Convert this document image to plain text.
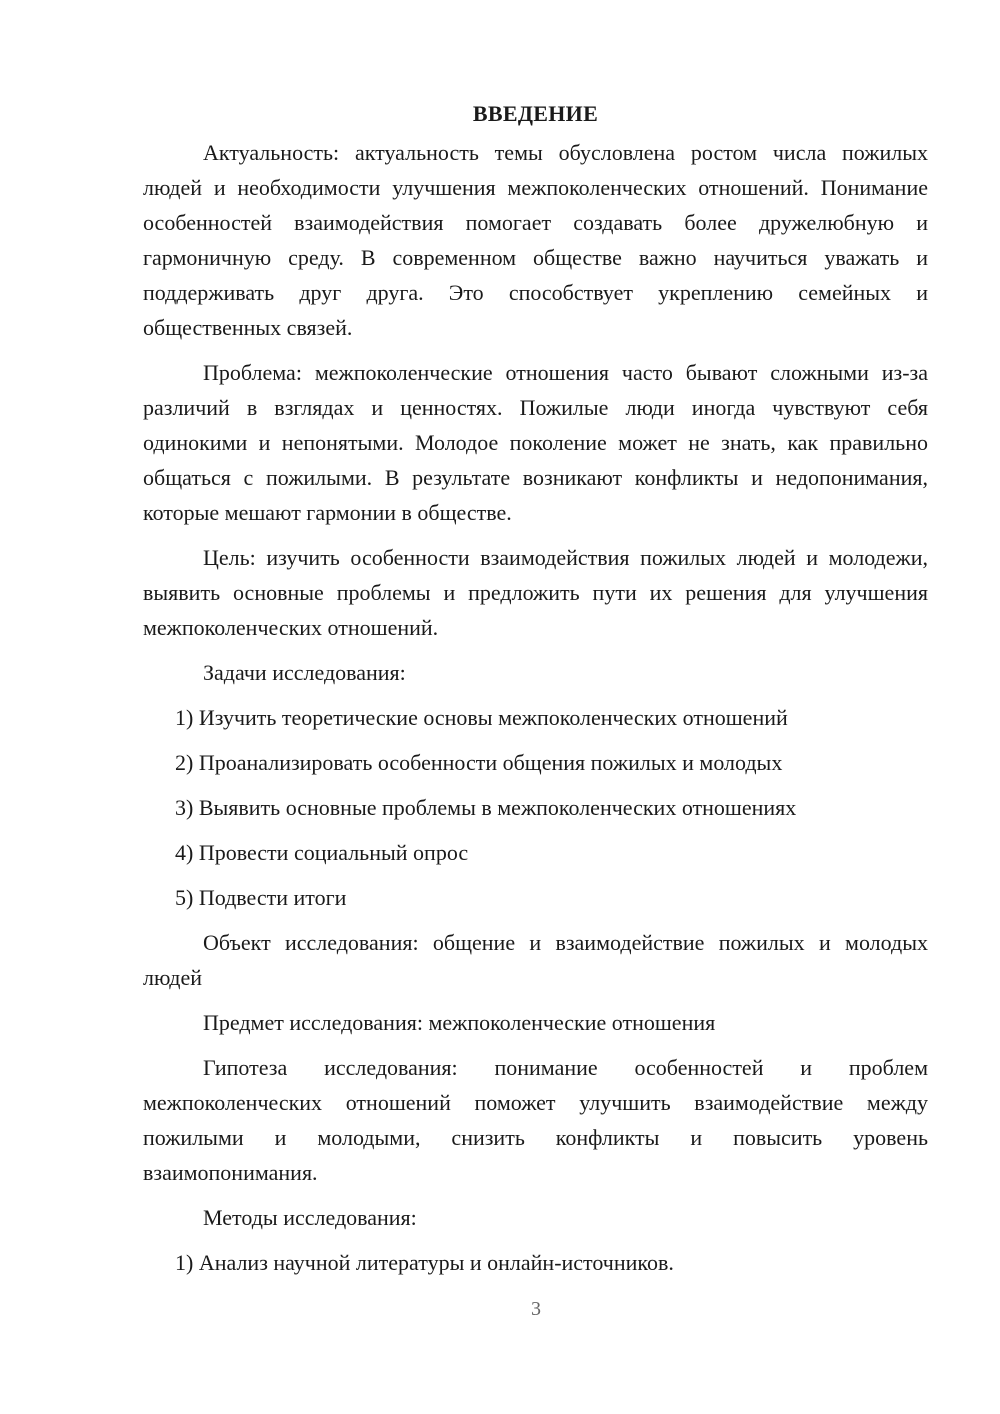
ВВЕДЕНИЕ

Актуальность: актуальность темы обусловлена ростом числа пожилых людей и необходимости улучшения межпоколенческих отношений. Понимание особенностей взаимодействия помогает создавать более дружелюбную и гармоничную среду. В современном обществе важно научиться уважать и поддерживать друг друга. Это способствует укреплению семейных и общественных связей.

Проблема: межпоколенческие отношения часто бывают сложными из-за различий в взглядах и ценностях. Пожилые люди иногда чувствуют себя одинокими и непонятыми. Молодое поколение может не знать, как правильно общаться с пожилыми. В результате возникают конфликты и недопонимания, которые мешают гармонии в обществе.

Цель: изучить особенности взаимодействия пожилых людей и молодежи, выявить основные проблемы и предложить пути их решения для улучшения межпоколенческих отношений.

Задачи исследования:

1) Изучить теоретические основы межпоколенческих отношений

2) Проанализировать особенности общения пожилых и молодых

3) Выявить основные проблемы в межпоколенческих отношениях

4) Провести социальный опрос

5) Подвести итоги

Объект исследования: общение и взаимодействие пожилых и молодых людей

Предмет исследования: межпоколенческие отношения

Гипотеза исследования: понимание особенностей и проблем межпоколенческих отношений поможет улучшить взаимодействие между пожилыми и молодыми, снизить конфликты и повысить уровень взаимопонимания.

Методы исследования:

1) Анализ научной литературы и онлайн-источников.

3
